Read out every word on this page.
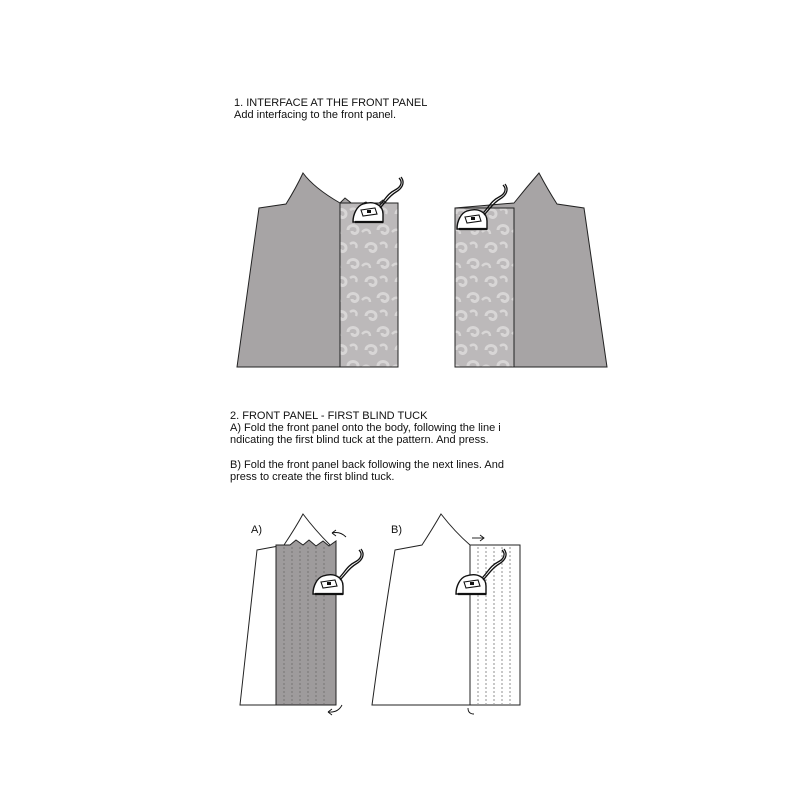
1. INTERFACE AT THE FRONT PANEL
Add interfacing to the front panel.
2. FRONT PANEL - FIRST BLIND TUCK
A) Fold the front panel onto the body, following the line i
ndicating the first blind tuck at the pattern. And press.
B) Fold the front panel back following the next lines. And
press to create the first blind tuck.
A)	B)
